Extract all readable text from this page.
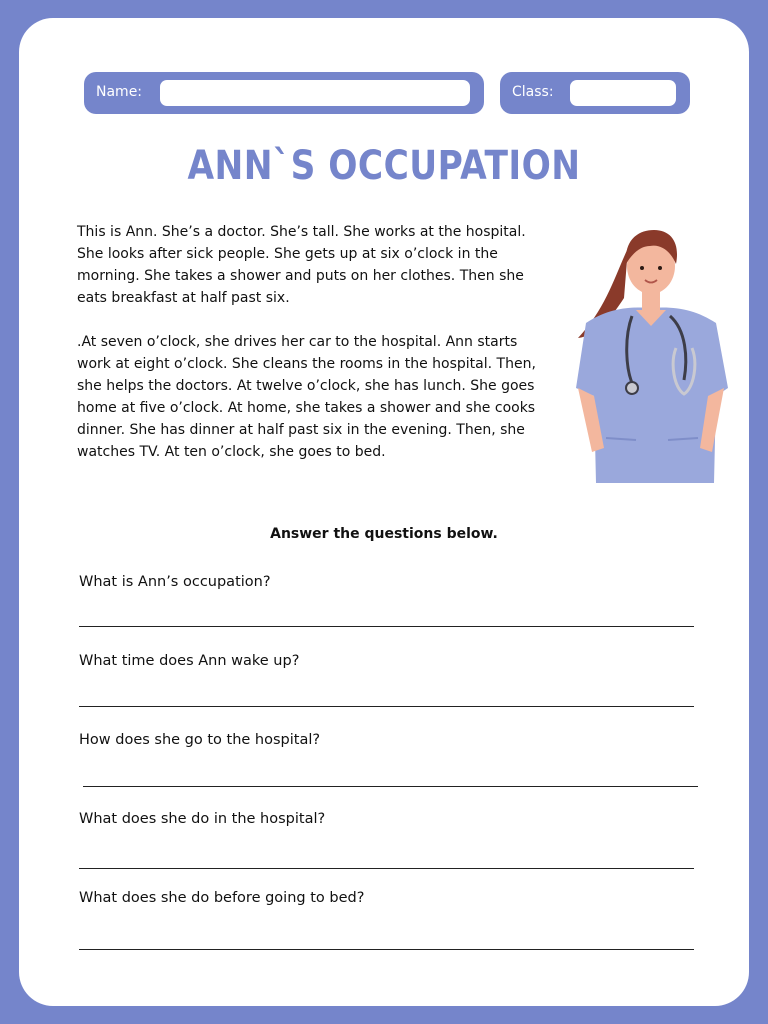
Name:	Class:
ANN`S OCCUPATION

This is Ann. She’s a doctor. She’s tall. She works at the hospital. She looks after sick people. She gets up at six o’clock in the morning. She takes a shower and puts on her clothes. Then she eats breakfast at half past six.

.At seven o’clock, she drives her car to the hospital. Ann starts work at eight o’clock. She cleans the rooms in the hospital. Then, she helps the doctors. At twelve o’clock, she has lunch. She goes home at five o’clock. At home, she takes a shower and she cooks dinner. She has dinner at half past six in the evening. Then, she watches TV. At ten o’clock, she goes to bed.

Answer the questions below.
What is Ann’s occupation?
What time does Ann wake up?
How does she go to the hospital?
What does she do in the hospital?
What does she do before going to bed?
